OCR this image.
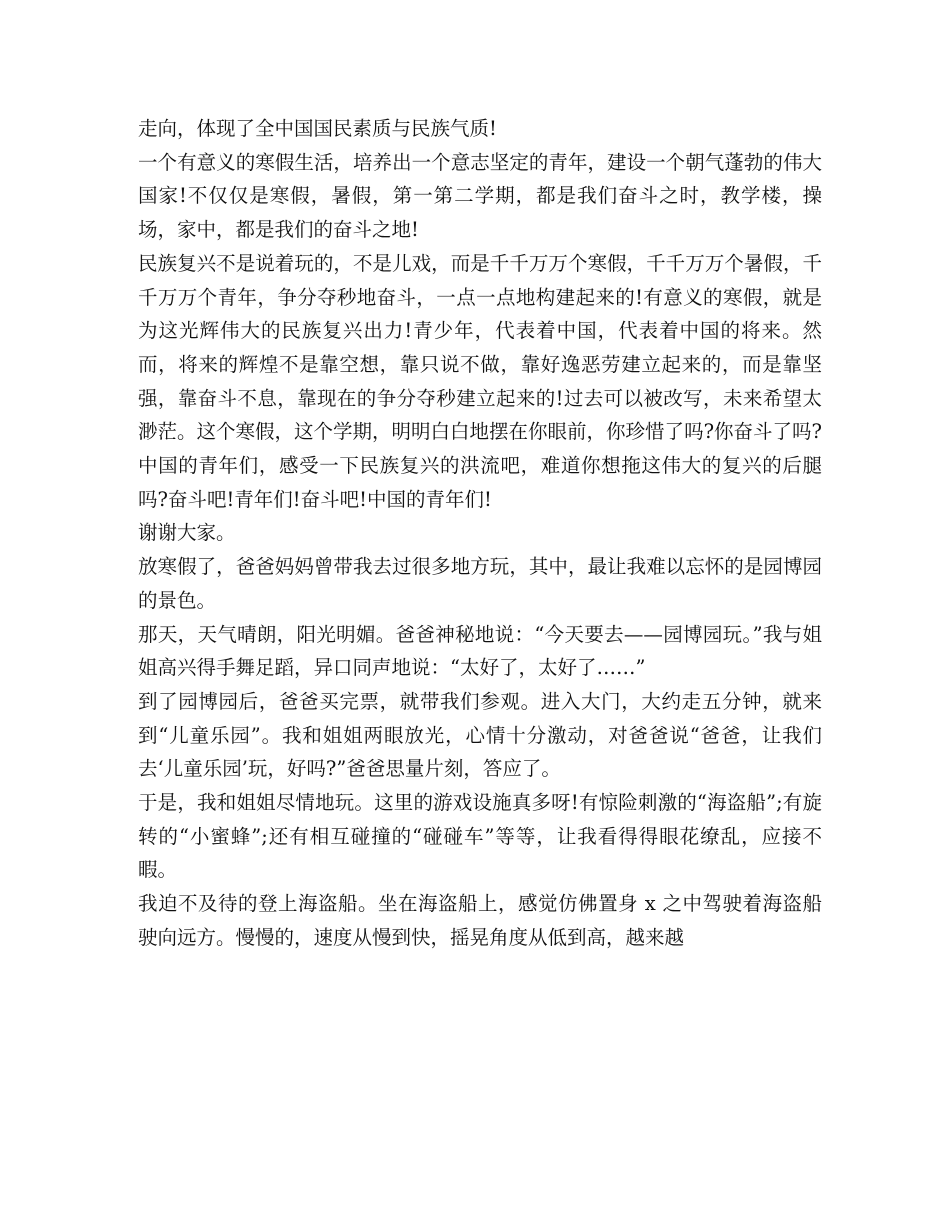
走向，体现了全中国国民素质与民族气质!

一个有意义的寒假生活，培养出一个意志坚定的青年，建设一个朝气蓬勃的伟大国家!不仅仅是寒假，暑假，第一第二学期，都是我们奋斗之时，教学楼，操场，家中，都是我们的奋斗之地!

民族复兴不是说着玩的，不是儿戏，而是千千万万个寒假，千千万万个暑假，千千万万个青年，争分夺秒地奋斗，一点一点地构建起来的!有意义的寒假，就是为这光辉伟大的民族复兴出力!青少年，代表着中国，代表着中国的将来。然而，将来的辉煌不是靠空想，靠只说不做，靠好逸恶劳建立起来的，而是靠坚强，靠奋斗不息，靠现在的争分夺秒建立起来的!过去可以被改写，未来希望太渺茫。这个寒假，这个学期，明明白白地摆在你眼前，你珍惜了吗?你奋斗了吗?中国的青年们，感受一下民族复兴的洪流吧，难道你想拖这伟大的复兴的后腿吗?奋斗吧!青年们!奋斗吧!中国的青年们!

谢谢大家。

放寒假了，爸爸妈妈曾带我去过很多地方玩，其中，最让我难以忘怀的是园博园的景色。

那天，天气晴朗，阳光明媚。爸爸神秘地说：“今天要去——园博园玩。”我与姐姐高兴得手舞足蹈，异口同声地说：“太好了，太好了……”

到了园博园后，爸爸买完票，就带我们参观。进入大门，大约走五分钟，就来到“儿童乐园”。我和姐姐两眼放光，心情十分激动，对爸爸说“爸爸，让我们去‘儿童乐园’玩，好吗?”爸爸思量片刻，答应了。

于是，我和姐姐尽情地玩。这里的游戏设施真多呀!有惊险刺激的“海盗船”;有旋转的“小蜜蜂”;还有相互碰撞的“碰碰车”等等，让我看得得眼花缭乱，应接不暇。

我迫不及待的登上海盗船。坐在海盗船上，感觉仿佛置身 x 之中驾驶着海盗船驶向远方。慢慢的，速度从慢到快，摇晃角度从低到高，越来越
